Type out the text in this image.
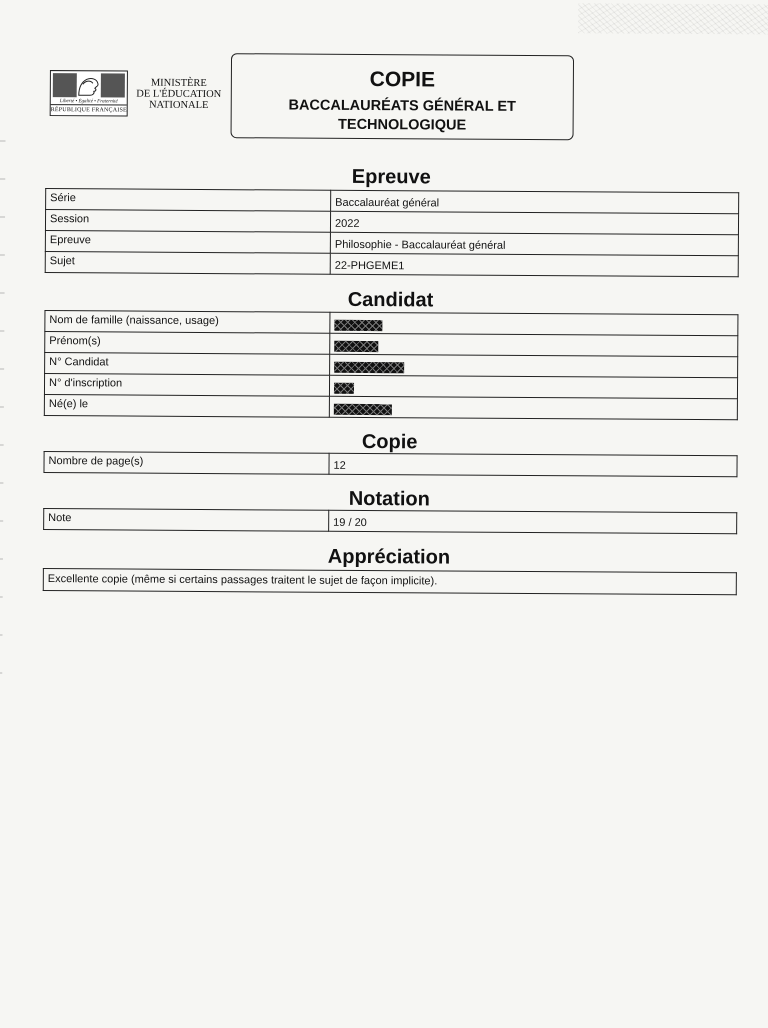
Liberté • Égalité • Fraternité
RÉPUBLIQUE FRANÇAISE
MINISTÈRE
DE L'ÉDUCATION
NATIONALE
COPIE
BACCALAURÉATS GÉNÉRAL ET TECHNOLOGIQUE
Epreuve
Série	Baccalauréat général
Session	2022
Epreuve	Philosophie - Baccalauréat général
Sujet	22-PHGEME1
Candidat
Nom de famille (naissance, usage)	
Prénom(s)	
N° Candidat	
N° d'inscription	
Né(e) le	
Copie
Nombre de page(s)	12
Notation
Note	19 / 20
Appréciation
Excellente copie (même si certains passages traitent le sujet de façon implicite).
